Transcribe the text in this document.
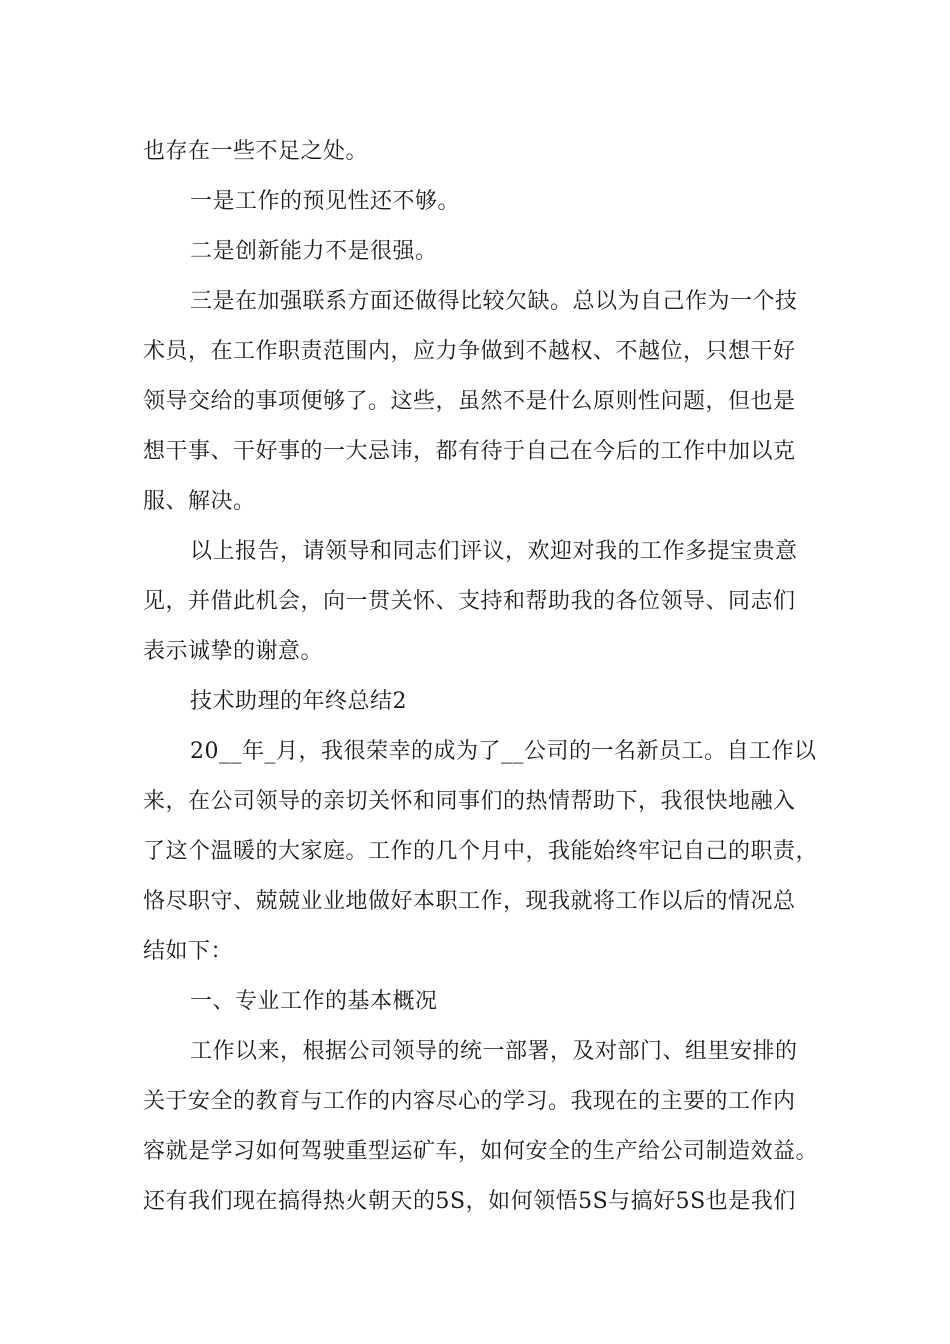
也存在一些不足之处。
一是工作的预见性还不够。
二是创新能力不是很强。
三是在加强联系方面还做得比较欠缺。总以为自己作为一个技
术员，在工作职责范围内，应力争做到不越权、不越位，只想干好
领导交给的事项便够了。这些，虽然不是什么原则性问题，但也是
想干事、干好事的一大忌讳，都有待于自己在今后的工作中加以克
服、解决。
以上报告，请领导和同志们评议，欢迎对我的工作多提宝贵意
见，并借此机会，向一贯关怀、支持和帮助我的各位领导、同志们
表示诚挚的谢意。
技术助理的年终总结2
20__年_月，我很荣幸的成为了__公司的一名新员工。自工作以
来，在公司领导的亲切关怀和同事们的热情帮助下，我很快地融入
了这个温暖的大家庭。工作的几个月中，我能始终牢记自己的职责，
恪尽职守、兢兢业业地做好本职工作，现我就将工作以后的情况总
结如下：
一、专业工作的基本概况
工作以来，根据公司领导的统一部署，及对部门、组里安排的
关于安全的教育与工作的内容尽心的学习。我现在的主要的工作内
容就是学习如何驾驶重型运矿车，如何安全的生产给公司制造效益。
还有我们现在搞得热火朝天的5S，如何领悟5S与搞好5S也是我们
